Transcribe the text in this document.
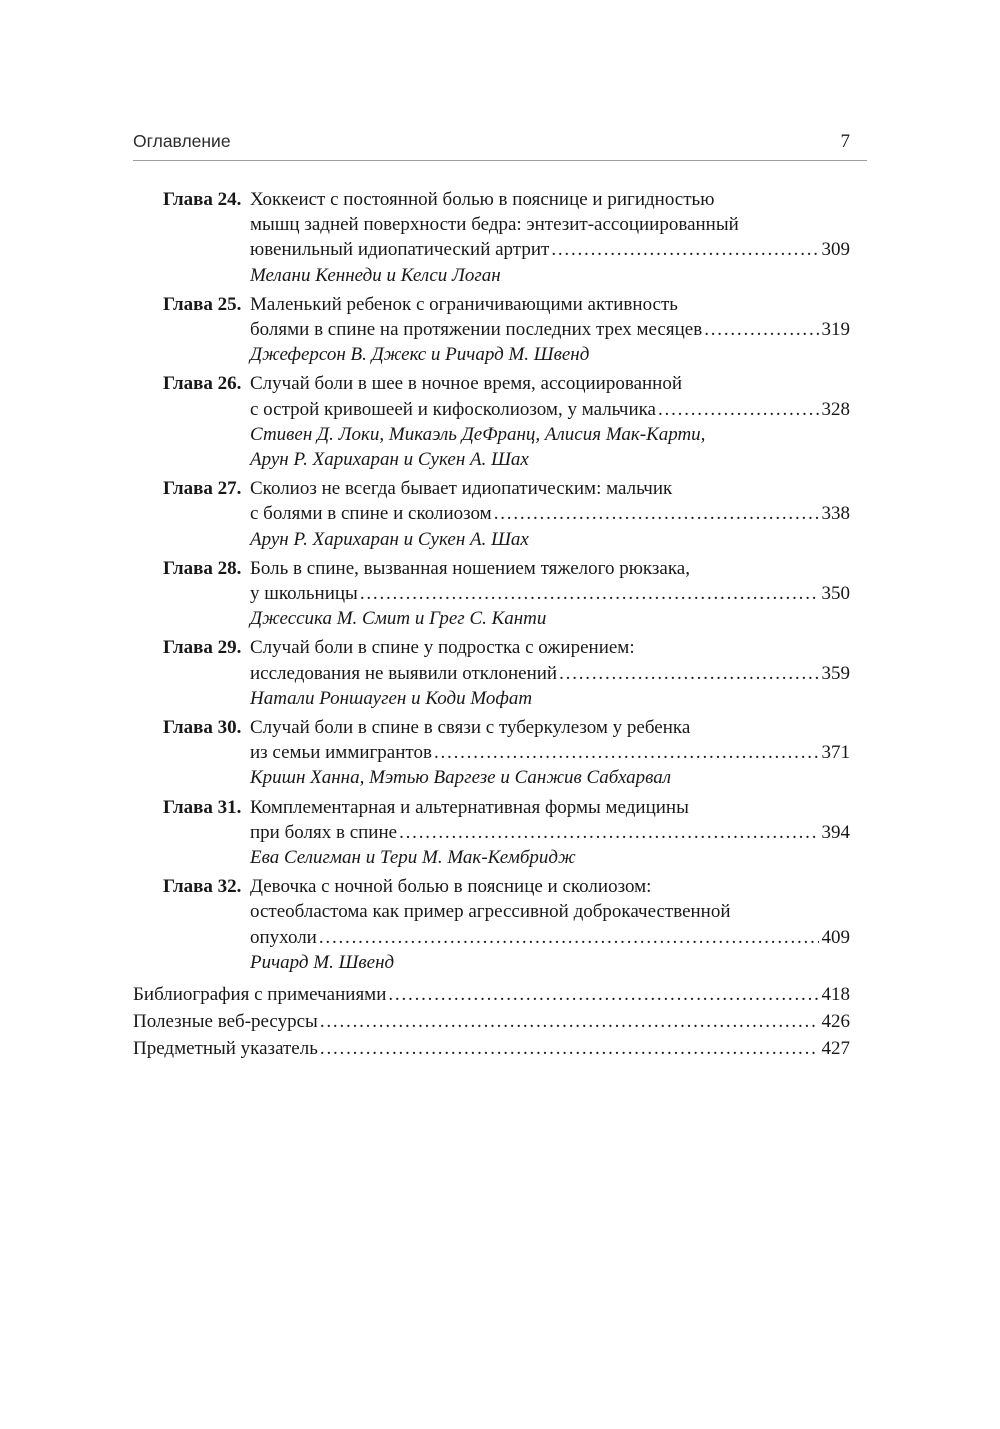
Оглавление	7
Глава 24. Хоккеист с постоянной болью в пояснице и ригидностью
мышц задней поверхности бедра: энтезит-ассоциированный
ювенильный идиопатический артрит .....	309
Мелани Кеннеди и Келси Логан
Глава 25. Маленький ребенок с ограничивающими активность
болями в спине на протяжении последних трех месяцев .....	319
Джеферсон В. Джекс и Ричард М. Швенд
Глава 26. Случай боли в шее в ночное время, ассоциированной
с острой кривошеей и кифосколиозом, у мальчика .....	328
Стивен Д. Локи, Микаэль ДеФранц, Алисия Мак-Карти,
Арун Р. Харихаран и Сукен А. Шах
Глава 27. Сколиоз не всегда бывает идиопатическим: мальчик
с болями в спине и сколиозом .....	338
Арун Р. Харихаран и Сукен А. Шах
Глава 28. Боль в спине, вызванная ношением тяжелого рюкзака,
у школьницы .....	350
Джессика М. Смит и Грег С. Канти
Глава 29. Случай боли в спине у подростка с ожирением:
исследования не выявили отклонений .....	359
Натали Роншауген и Коди Мофат
Глава 30. Случай боли в спине в связи с туберкулезом у ребенка
из семьи иммигрантов .....	371
Кришн Ханна, Мэтью Варгезе и Санжив Сабхарвал
Глава 31. Комплементарная и альтернативная формы медицины
при болях в спине .....	394
Ева Селигман и Тери М. Мак-Кембридж
Глава 32. Девочка с ночной болью в пояснице и сколиозом:
остеобластома как пример агрессивной доброкачественной
опухоли .....	409
Ричард М. Швенд
Библиография с примечаниями .....	418
Полезные веб-ресурсы .....	426
Предметный указатель .....	427
